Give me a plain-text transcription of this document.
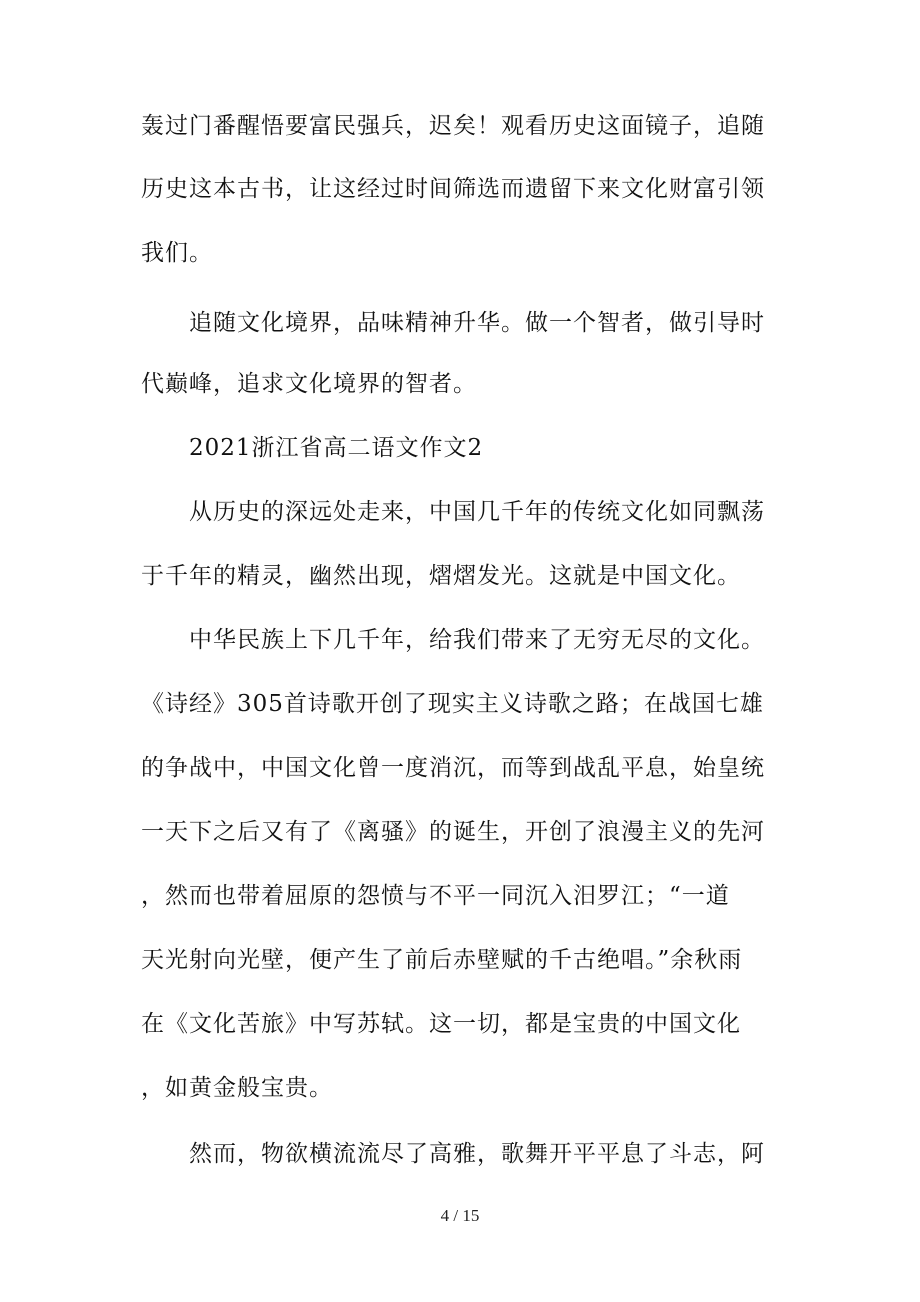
轰过门番醒悟要富民强兵，迟矣！观看历史这面镜子，追随
历史这本古书，让这经过时间筛选而遗留下来文化财富引领
我们。
追随文化境界，品味精神升华。做一个智者，做引导时
代巅峰，追求文化境界的智者。
2021浙江省高二语文作文2
从历史的深远处走来，中国几千年的传统文化如同飘荡
于千年的精灵，幽然出现，熠熠发光。这就是中国文化。
中华民族上下几千年，给我们带来了无穷无尽的文化。
《诗经》305首诗歌开创了现实主义诗歌之路；在战国七雄
的争战中，中国文化曾一度消沉，而等到战乱平息，始皇统
一天下之后又有了《离骚》的诞生，开创了浪漫主义的先河
，然而也带着屈原的怨愤与不平一同沉入汨罗江；“一道
天光射向光壁，便产生了前后赤壁赋的千古绝唱。”余秋雨
在《文化苦旅》中写苏轼。这一切，都是宝贵的中国文化
，如黄金般宝贵。
然而，物欲横流流尽了高雅，歌舞开平平息了斗志，阿
4 / 15
